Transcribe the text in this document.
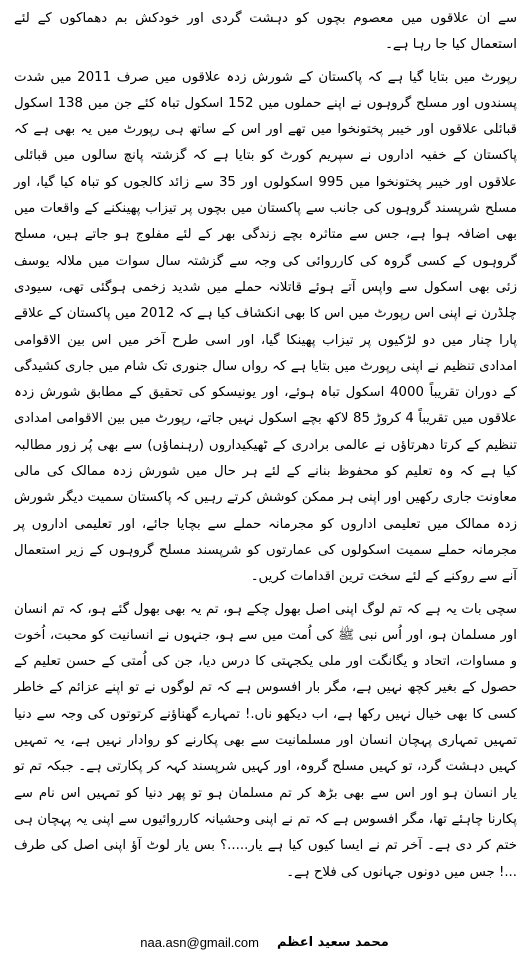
سے ان علاقوں میں معصوم بچوں کو دہشت گردی اور خودکش بم دھماکوں کے لئے استعمال کیا جا رہا ہے۔

رپورٹ میں بتایا گیا ہے کہ پاکستان کے شورش زدہ علاقوں میں صرف 2011 میں شدت پسندوں اور مسلح گروہوں نے اپنے حملوں میں 152 اسکول تباہ کئے جن میں 138 اسکول قبائلی علاقوں اور خیبر پختونخوا میں تھے اور اس کے ساتھ ہی رپورٹ میں یہ بھی ہے کہ پاکستان کے خفیہ اداروں نے سپریم کورٹ کو بتایا ہے کہ گزشتہ پانچ سالوں میں قبائلی علاقوں اور خیبر پختونخوا میں 995 اسکولوں اور 35 سے زائد کالجوں کو تباہ کیا گیا، اور مسلح شرپسند گروہوں کی جانب سے پاکستان میں بچوں پر تیزاب پھینکنے کے واقعات میں بھی اضافہ ہوا ہے، جس سے متاثرہ بچے زندگی بھر کے لئے مفلوج ہو جاتے ہیں، مسلح گروہوں کے کسی گروہ کی کارروائی کی وجہ سے گزشتہ سال سوات میں ملالہ یوسف زئی بھی اسکول سے واپس آتے ہوئے قاتلانہ حملے میں شدید زخمی ہوگئی تھی، سیودی چلڈرن نے اپنی اس رپورٹ میں اس کا بھی انکشاف کیا ہے کہ 2012 میں پاکستان کے علاقے پارا چنار میں دو لڑکیوں پر تیزاب پھینکا گیا، اور اسی طرح آخر میں اس بین الاقوامی امدادی تنظیم نے اپنی رپورٹ میں بتایا ہے کہ رواں سال جنوری تک شام میں جاری کشیدگی کے دوران تقریباً 4000 اسکول تباہ ہوئے، اور یونیسکو کی تحقیق کے مطابق شورش زدہ علاقوں میں تقریباً 4 کروڑ 85 لاکھ بچے اسکول نہیں جاتے، رپورٹ میں بین الاقوامی امدادی تنظیم کے کرتا دھرتاؤں نے عالمی برادری کے ٹھیکیداروں (رہنماؤں) سے بھی پُر زور مطالبہ کیا ہے کہ وہ تعلیم کو محفوظ بنانے کے لئے ہر حال میں شورش زدہ ممالک کی مالی معاونت جاری رکھیں اور اپنی ہر ممکن کوشش کرتے رہیں کہ پاکستان سمیت دیگر شورش زدہ ممالک میں تعلیمی اداروں کو مجرمانہ حملے سے بچایا جائے، اور تعلیمی اداروں پر مجرمانہ حملے سمیت اسکولوں کی عمارتوں کو شرپسند مسلح گروہوں کے زیر استعمال آنے سے روکنے کے لئے سخت ترین اقدامات کریں۔

سچی بات یہ ہے کہ تم لوگ اپنی اصل بھول چکے ہو، تم یہ بھی بھول گئے ہو، کہ تم انسان اور مسلمان ہو، اور اُس نبی ﷺ کی اُمت میں سے ہو، جنہوں نے انسانیت کو محبت، اُخوت و مساوات، اتحاد و یگانگت اور ملی یکجہتی کا درس دیا، جن کی اُمتی کے حسن تعلیم کے حصول کے بغیر کچھ نہیں ہے، مگر بار افسوس ہے کہ تم لوگوں نے تو اپنے عزائم کے خاطر کسی کا بھی خیال نہیں رکھا ہے، اب دیکھو ناں.! تمہارے گھناؤنے کرتوتوں کی وجہ سے دنیا تمہیں تمہاری پہچان انسان اور مسلمانیت سے بھی پکارنے کو روادار نہیں ہے، یہ تمہیں کہیں دہشت گرد، تو کہیں مسلح گروہ، اور کہیں شرپسند کہہ کر پکارتی ہے۔ جبکہ تم تو یار انسان ہو اور اس سے بھی بڑھ کر تم مسلمان ہو تو پھر دنیا کو تمہیں اس نام سے پکارنا چاہئے تھا، مگر افسوس ہے کہ تم نے اپنی وحشیانہ کارروائیوں سے اپنی یہ پہچان ہی ختم کر دی ہے۔ آخر تم نے ایسا کیوں کیا ہے یار.....؟ بس یار لوٹ آؤ اپنی اصل کی طرف ...! جس میں دونوں جہانوں کی فلاح ہے۔

naa.asn@gmail.com محمد سعید اعظم
